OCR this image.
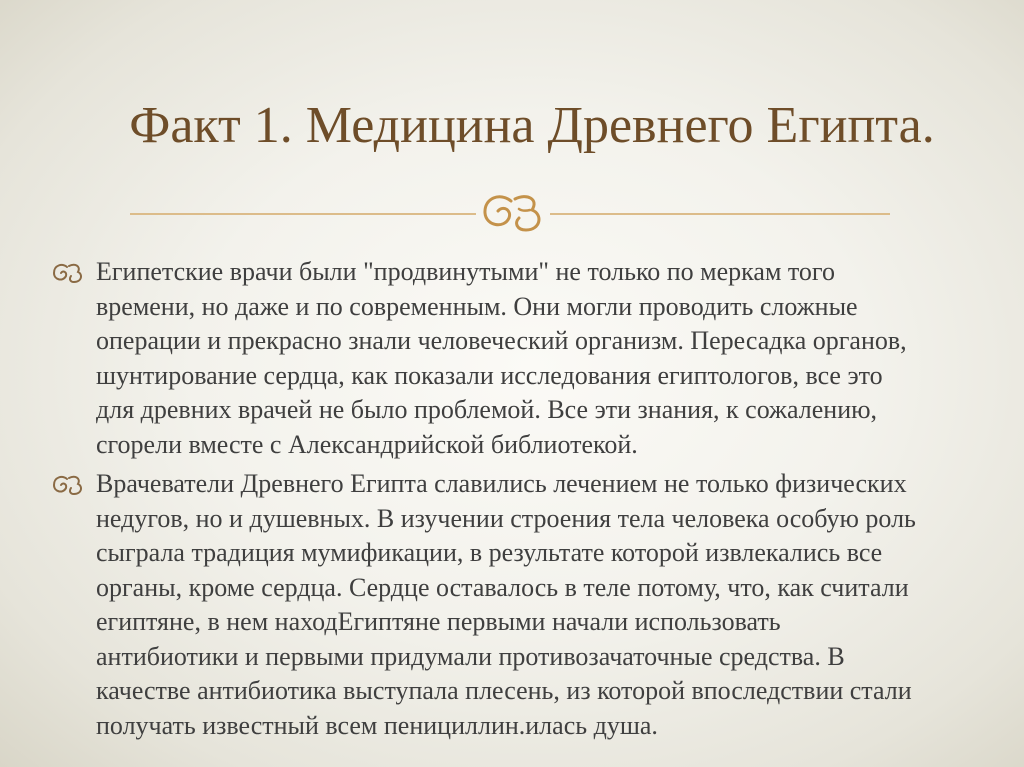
Факт 1. Медицина Древнего Египта.
Египетские врачи были "продвинутыми" не только по меркам того
времени, но даже и по современным. Они могли проводить сложные
операции и прекрасно знали человеческий организм. Пересадка органов,
шунтирование сердца, как показали исследования египтологов, все это
для древних врачей не было проблемой. Все эти знания, к сожалению,
сгорели вместе с Александрийской библиотекой.
Врачеватели Древнего Египта славились лечением не только физических
недугов, но и душевных. В изучении строения тела человека особую роль
сыграла традиция мумификации, в результате которой извлекались все
органы, кроме сердца. Сердце оставалось в теле потому, что, как считали
египтяне, в нем находЕгиптяне первыми начали использовать
антибиотики и первыми придумали противозачаточные средства. В
качестве антибиотика выступала плесень, из которой впоследствии стали
получать известный всем пенициллин.илась душа.
